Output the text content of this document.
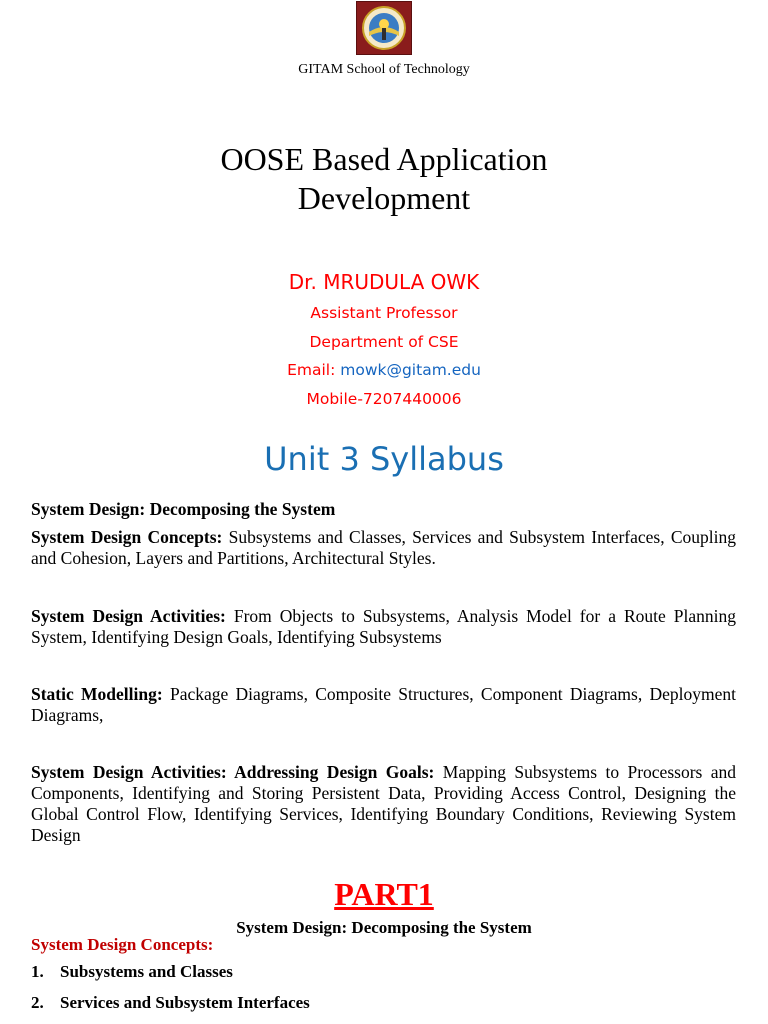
GITAM School of Technology
OOSE Based Application
Development
Dr. MRUDULA OWK
Assistant Professor
Department of CSE
Email: mowk@gitam.edu
Mobile-7207440006
Unit 3 Syllabus

System Design: Decomposing the System

System Design Concepts: Subsystems and Classes, Services and Subsystem Interfaces, Coupling and Cohesion, Layers and Partitions, Architectural Styles.

System Design Activities: From Objects to Subsystems, Analysis Model for a Route Planning System, Identifying Design Goals, Identifying Subsystems

Static Modelling: Package Diagrams, Composite Structures, Component Diagrams, Deployment Diagrams,

System Design Activities: Addressing Design Goals: Mapping Subsystems to Processors and Components, Identifying and Storing Persistent Data, Providing Access Control, Designing the Global Control Flow, Identifying Services, Identifying Boundary Conditions, Reviewing System Design

PART1
System Design: Decomposing the System
System Design Concepts:
1. Subsystems and Classes
2. Services and Subsystem Interfaces
